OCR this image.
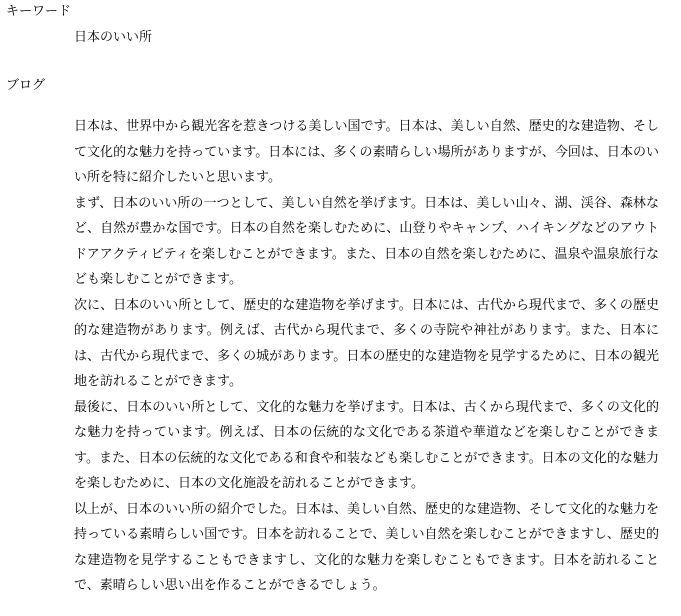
キーワード
日本のいい所
ブログ

日本は、世界中から観光客を惹きつける美しい国です。日本は、美しい自然、歴史的な建造物、そして文化的な魅力を持っています。日本には、多くの素晴らしい場所がありますが、今回は、日本のいい所を特に紹介したいと思います。

まず、日本のいい所の一つとして、美しい自然を挙げます。日本は、美しい山々、湖、渓谷、森林など、自然が豊かな国です。日本の自然を楽しむために、山登りやキャンプ、ハイキングなどのアウトドアアクティビティを楽しむことができます。また、日本の自然を楽しむために、温泉や温泉旅行なども楽しむことができます。

次に、日本のいい所として、歴史的な建造物を挙げます。日本には、古代から現代まで、多くの歴史的な建造物があります。例えば、古代から現代まで、多くの寺院や神社があります。また、日本には、古代から現代まで、多くの城があります。日本の歴史的な建造物を見学するために、日本の観光地を訪れることができます。

最後に、日本のいい所として、文化的な魅力を挙げます。日本は、古くから現代まで、多くの文化的な魅力を持っています。例えば、日本の伝統的な文化である茶道や華道などを楽しむことができます。また、日本の伝統的な文化である和食や和装なども楽しむことができます。日本の文化的な魅力を楽しむために、日本の文化施設を訪れることができます。

以上が、日本のいい所の紹介でした。日本は、美しい自然、歴史的な建造物、そして文化的な魅力を持っている素晴らしい国です。日本を訪れることで、美しい自然を楽しむことができますし、歴史的な建造物を見学することもできますし、文化的な魅力を楽しむこともできます。日本を訪れることで、素晴らしい思い出を作ることができるでしょう。
